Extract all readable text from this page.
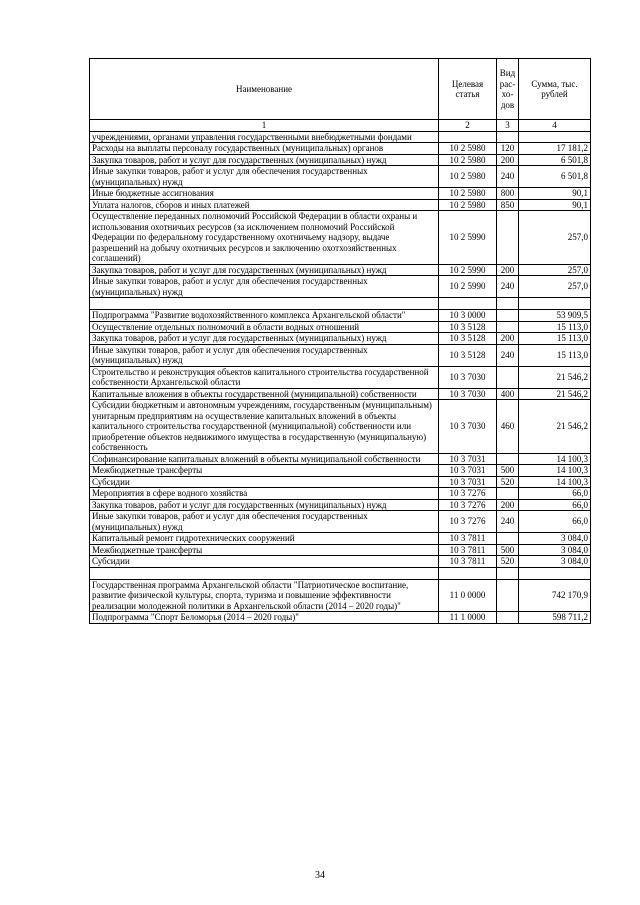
Наименование	Целевая статья	Вид рас- хо- дов	Сумма, тыс. рублей
1	2	3	4
учреждениями, органами управления государственными внебюджетными фондами			
Расходы на выплаты персоналу государственных (муниципальных) органов	10 2 5980	120	17 181,2
Закупка товаров, работ и услуг для государственных (муниципальных) нужд	10 2 5980	200	6 501,8
Иные закупки товаров, работ и услуг для обеспечения государственных (муниципальных) нужд	10 2 5980	240	6 501,8
Иные бюджетные ассигнования	10 2 5980	800	90,1
Уплата налогов, сборов и иных платежей	10 2 5980	850	90,1
Осуществление переданных полномочий Российской Федерации в области охраны и использования охотничьих ресурсов (за исключением полномочий Российской Федерации по федеральному государственному охотничьему надзору, выдаче разрешений на добычу охотничьих ресурсов и заключению охотхозяйственных соглашений)	10 2 5990		257,0
Закупка товаров, работ и услуг для государственных (муниципальных) нужд	10 2 5990	200	257,0
Иные закупки товаров, работ и услуг для обеспечения государственных (муниципальных) нужд	10 2 5990	240	257,0

Подпрограмма "Развитие водохозяйственного комплекса Архангельской области"	10 3 0000		53 909,5
Осуществление отдельных полномочий в области водных отношений	10 3 5128		15 113,0
Закупка товаров, работ и услуг для государственных (муниципальных) нужд	10 3 5128	200	15 113,0
Иные закупки товаров, работ и услуг для обеспечения государственных (муниципальных) нужд	10 3 5128	240	15 113,0
Строительство и реконструкция объектов капитального строительства государственной собственности Архангельской области	10 3 7030		21 546,2
Капитальные вложения в объекты государственной (муниципальной) собственности	10 3 7030	400	21 546,2
Субсидии бюджетным и автономным учреждениям, государственным (муниципальным) унитарным предприятиям на осуществление капитальных вложений в объекты капитального строительства государственной (муниципальной) собственности или приобретение объектов недвижимого имущества в государственную (муниципальную) собственность	10 3 7030	460	21 546,2
Софинансирование капитальных вложений в объекты муниципальной собственности	10 3 7031		14 100,3
Межбюджетные трансферты	10 3 7031	500	14 100,3
Субсидии	10 3 7031	520	14 100,3
Мероприятия в сфере водного хозяйства	10 3 7276		66,0
Закупка товаров, работ и услуг для государственных (муниципальных) нужд	10 3 7276	200	66,0
Иные закупки товаров, работ и услуг для обеспечения государственных (муниципальных) нужд	10 3 7276	240	66,0
Капитальный ремонт гидротехнических сооружений	10 3 7811		3 084,0
Межбюджетные трансферты	10 3 7811	500	3 084,0
Субсидии	10 3 7811	520	3 084,0

Государственная программа Архангельской области "Патриотическое воспитание, развитие физической культуры, спорта, туризма и повышение эффективности реализации молодежной политики в Архангельской области (2014 – 2020 годы)"	11 0 0000		742 170,9
Подпрограмма "Спорт Беломорья (2014 – 2020 годы)"	11 1 0000		598 711,2
34
